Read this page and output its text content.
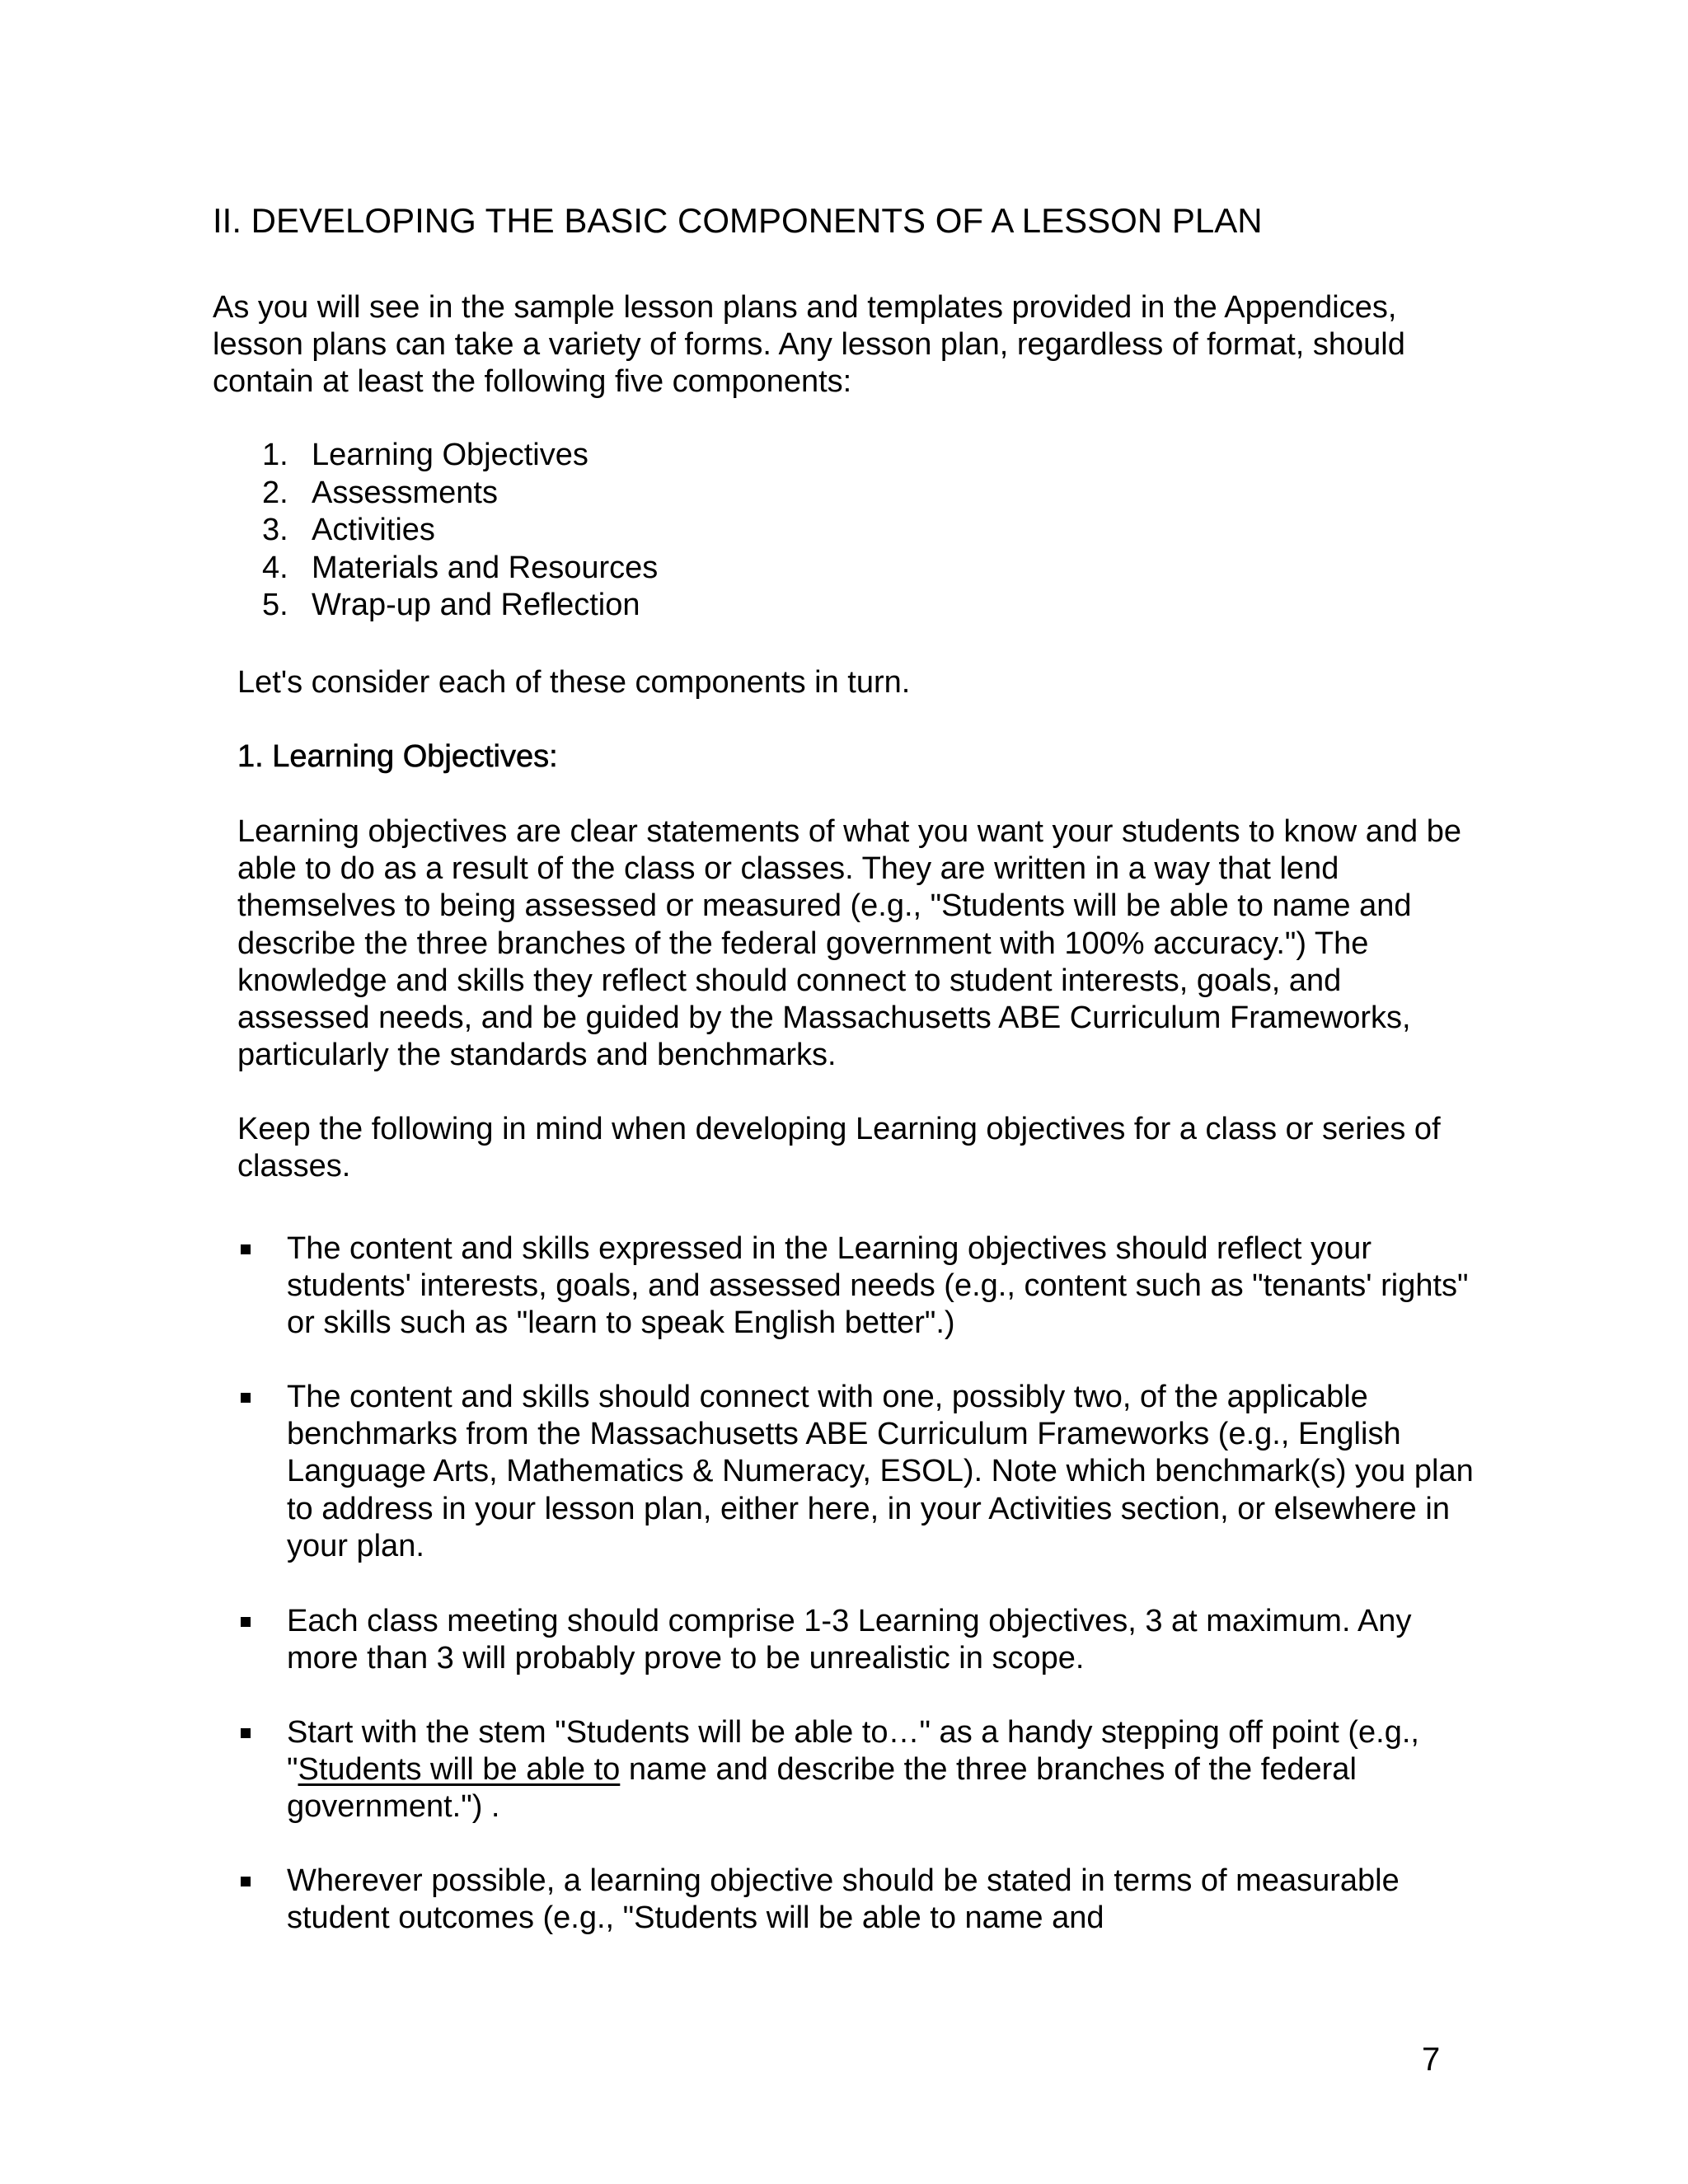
II. DEVELOPING THE BASIC COMPONENTS OF A LESSON PLAN

As you will see in the sample lesson plans and templates provided in the Appendices, lesson plans can take a variety of forms. Any lesson plan, regardless of format, should contain at least the following five components:

1. Learning Objectives
2. Assessments
3. Activities
4. Materials and Resources
5. Wrap-up and Reflection

Let's consider each of these components in turn.

1. Learning Objectives:

Learning objectives are clear statements of what you want your students to know and be able to do as a result of the class or classes. They are written in a way that lend themselves to being assessed or measured (e.g., "Students will be able to name and describe the three branches of the federal government with 100% accuracy.") The knowledge and skills they reflect should connect to student interests, goals, and assessed needs, and be guided by the Massachusetts ABE Curriculum Frameworks, particularly the standards and benchmarks.

Keep the following in mind when developing Learning objectives for a class or series of classes.

The content and skills expressed in the Learning objectives should reflect your students' interests, goals, and assessed needs (e.g., content such as "tenants' rights" or skills such as "learn to speak English better".)
The content and skills should connect with one, possibly two, of the applicable benchmarks from the Massachusetts ABE Curriculum Frameworks (e.g., English Language Arts, Mathematics & Numeracy, ESOL). Note which benchmark(s) you plan to address in your lesson plan, either here, in your Activities section, or elsewhere in your plan.
Each class meeting should comprise 1-3 Learning objectives, 3 at maximum. Any more than 3 will probably prove to be unrealistic in scope.
Start with the stem "Students will be able to…" as a handy stepping off point (e.g., "Students will be able to name and describe the three branches of the federal government.") .
Wherever possible, a learning objective should be stated in terms of measurable student outcomes (e.g., "Students will be able to name and

7
